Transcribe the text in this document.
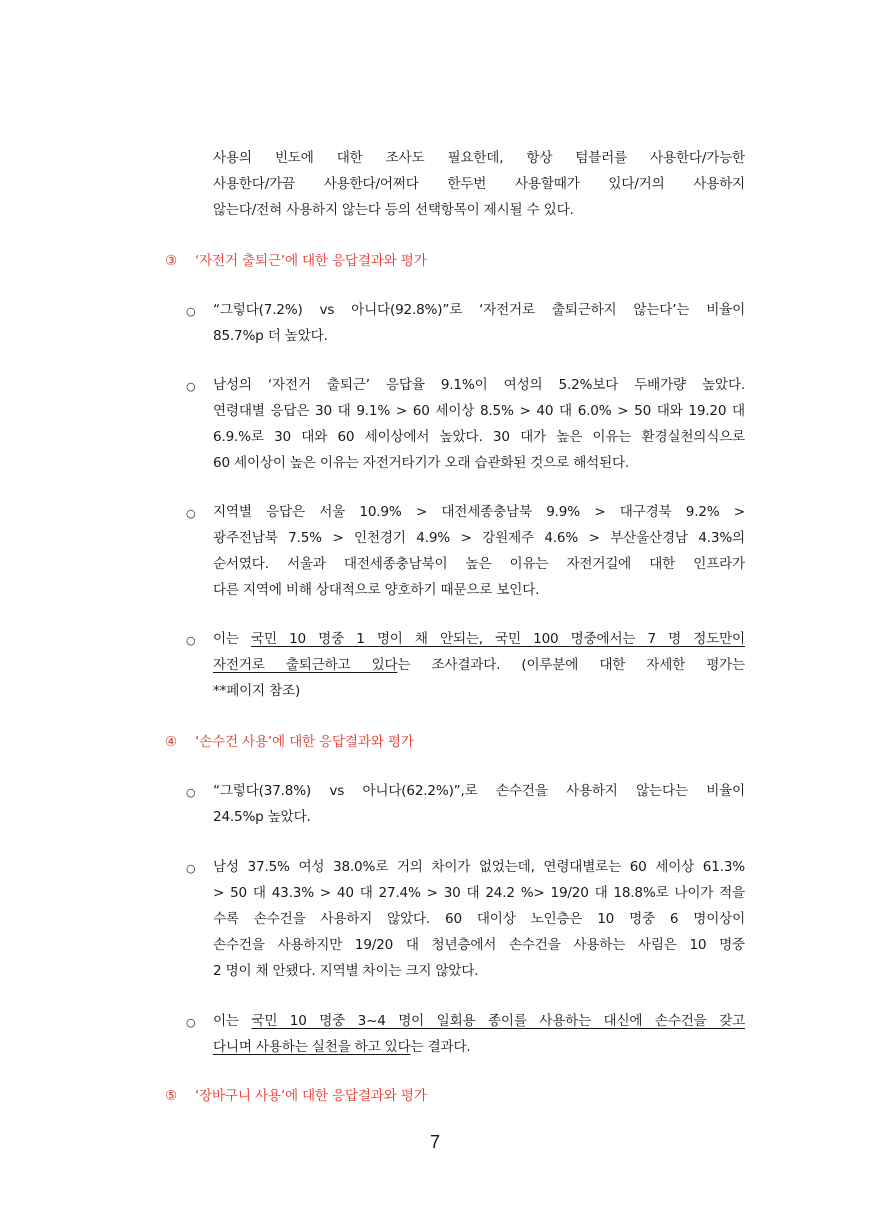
사용의 빈도에 대한 조사도 필요한데, 항상 텀블러를 사용한다/가능한
사용한다/가끔 사용한다/어쩌다 한두번 사용할때가 있다/거의 사용하지
않는다/전혀 사용하지 않는다 등의 선택항목이 제시될 수 있다.
③ ‘자전거 출퇴근’에 대한 응답결과와 평가
○ “그렇다(7.2%) vs 아니다(92.8%)”로 ‘자전거로 출퇴근하지 않는다’는 비율이
85.7%p 더 높았다.
○ 남성의 ‘자전거 출퇴근’ 응답율 9.1%이 여성의 5.2%보다 두배가량 높았다.
연령대별 응답은 30 대 9.1% > 60 세이상 8.5% > 40 대 6.0% > 50 대와 19.20 대
6.9.%로 30 대와 60 세이상에서 높았다. 30 대가 높은 이유는 환경실천의식으로
60 세이상이 높은 이유는 자전거타기가 오래 습관화된 것으로 해석된다.
○ 지역별 응답은 서울 10.9% > 대전세종충남북 9.9% > 대구경북 9.2% >
광주전남북 7.5% > 인천경기 4.9% > 강원제주 4.6% > 부산울산경남 4.3%의
순서였다. 서울과 대전세종충남북이 높은 이유는 자전거길에 대한 인프라가
다른 지역에 비해 상대적으로 양호하기 때문으로 보인다.
○ 이는 국민 10 명중 1 명이 채 안되는, 국민 100 명중에서는 7 명 정도만이
자전거로 출퇴근하고 있다는 조사결과다. (이루분에 대한 자세한 평가는
**페이지 참조)
④ ‘손수건 사용’에 대한 응답결과와 평가
○ “그렇다(37.8%) vs 아니다(62.2%)”,로 손수건을 사용하지 않는다는 비율이
24.5%p 높았다.
○ 남성 37.5% 여성 38.0%로 거의 차이가 없었는데, 연령대별로는 60 세이상 61.3%
> 50 대 43.3% > 40 대 27.4% > 30 대 24.2 %> 19/20 대 18.8%로 나이가 적을
수록 손수건을 사용하지 않았다. 60 대이상 노인층은 10 명중 6 명이상이
손수건을 사용하지만 19/20 대 청년층에서 손수건을 사용하는 사림은 10 명중
2 명이 채 안됐다. 지역별 차이는 크지 않았다.
○ 이는 국민 10 명중 3~4 명이 일회용 종이를 사용하는 대신에 손수건을 갖고
다니며 사용하는 실천을 하고 있다는 결과다.
⑤ ‘장바구니 사용’에 대한 응답결과와 평가
7
